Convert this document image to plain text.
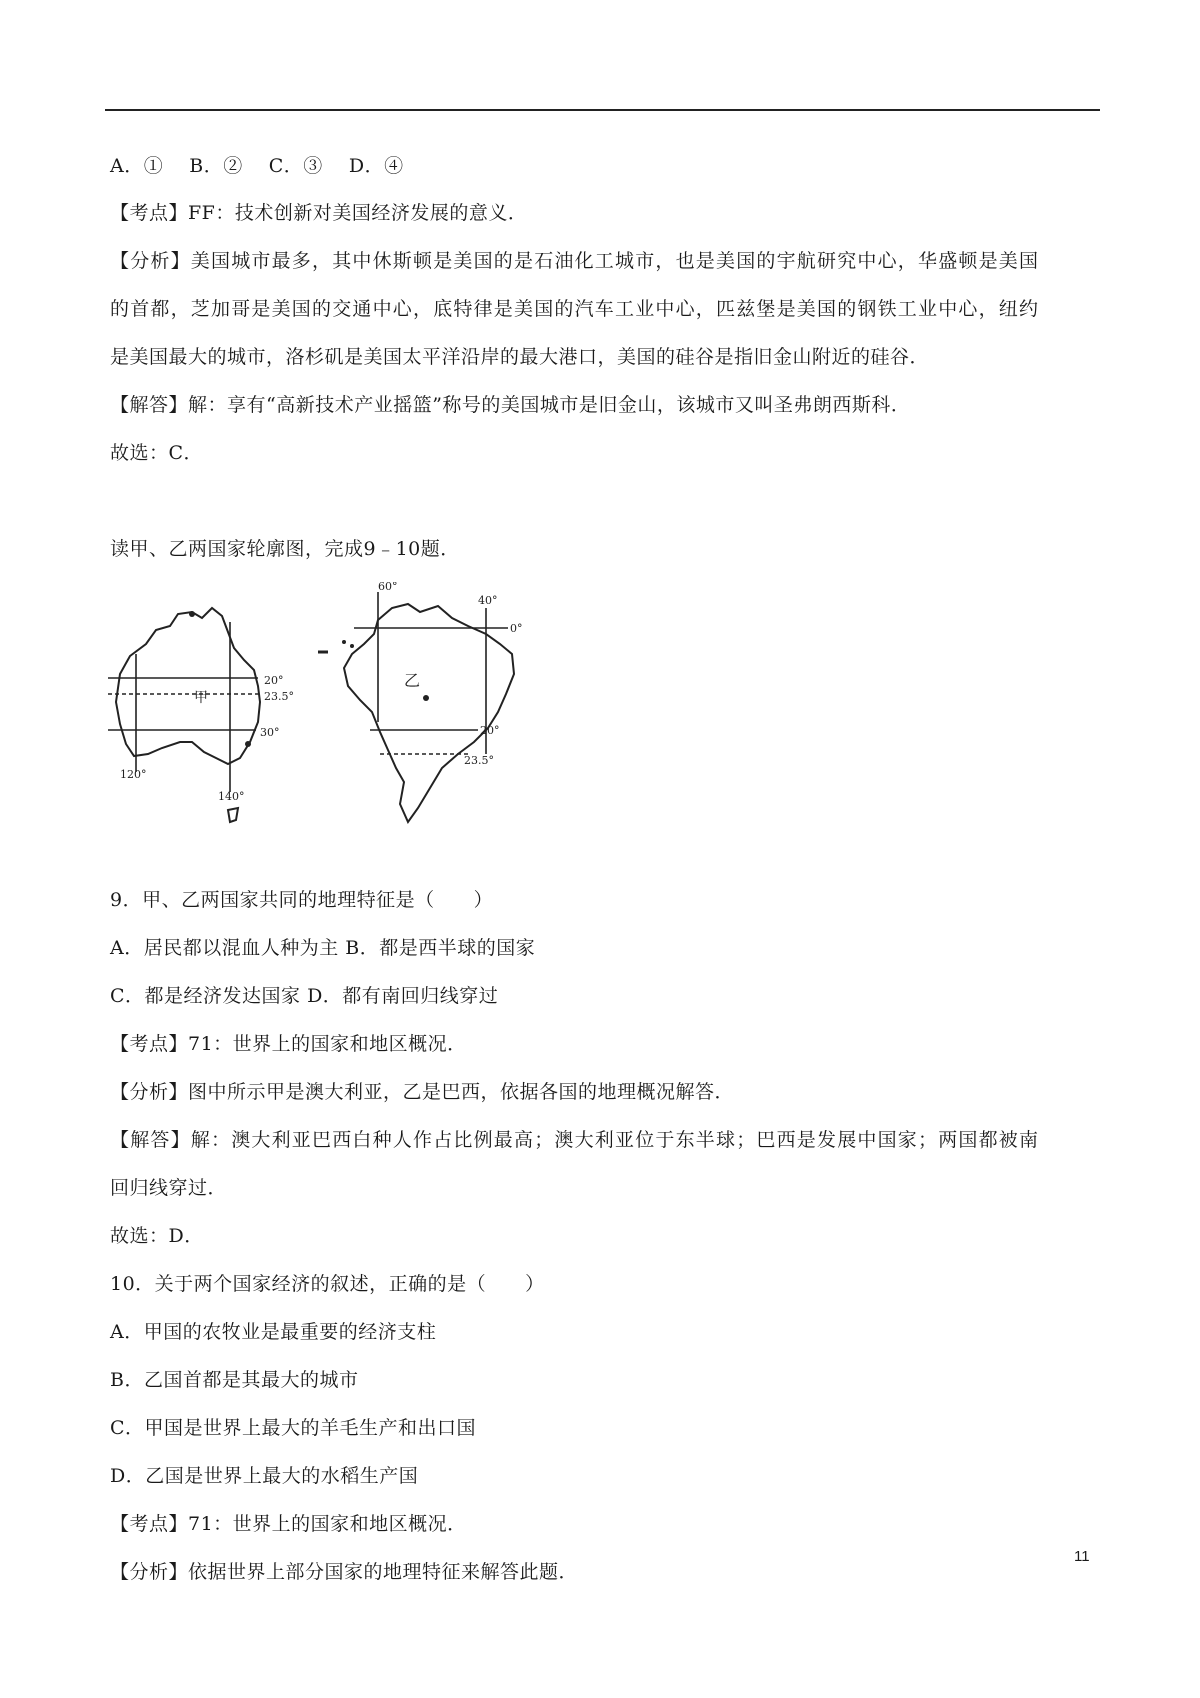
A．①　 B．②　 C．③　 D．④
【考点】FF：技术创新对美国经济发展的意义．
【分析】美国城市最多，其中休斯顿是美国的是石油化工城市，也是美国的宇航研究中心，华盛顿是美国
的首都，芝加哥是美国的交通中心，底特律是美国的汽车工业中心，匹兹堡是美国的钢铁工业中心，纽约
是美国最大的城市，洛杉矶是美国太平洋沿岸的最大港口，美国的硅谷是指旧金山附近的硅谷．
【解答】解：享有“高新技术产业摇篮”称号的美国城市是旧金山，该城市又叫圣弗朗西斯科．
故选：C．
读甲、乙两国家轮廓图，完成9﹣10题．
甲
20°
23.5°
30°
120°
140°
乙
60°
40°
0°
20°
23.5°
9．甲、乙两国家共同的地理特征是（　　）
A．居民都以混血人种为主 B．都是西半球的国家
C．都是经济发达国家 D．都有南回归线穿过
【考点】71：世界上的国家和地区概况．
【分析】图中所示甲是澳大利亚，乙是巴西，依据各国的地理概况解答．
【解答】解：澳大利亚巴西白种人作占比例最高；澳大利亚位于东半球；巴西是发展中国家；两国都被南
回归线穿过．
故选：D．
10．关于两个国家经济的叙述，正确的是（　　）
A．甲国的农牧业是最重要的经济支柱
B．乙国首都是其最大的城市
C．甲国是世界上最大的羊毛生产和出口国
D．乙国是世界上最大的水稻生产国
【考点】71：世界上的国家和地区概况．
【分析】依据世界上部分国家的地理特征来解答此题．
11
